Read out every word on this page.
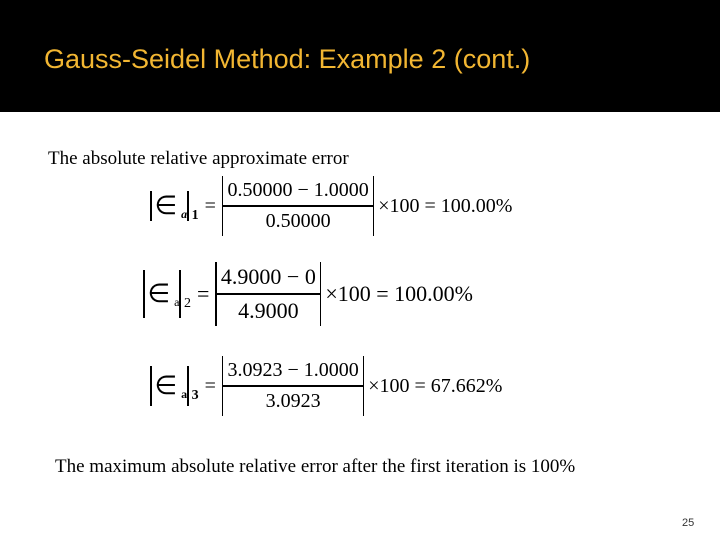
Gauss-Seidel Method: Example 2 (cont.)
The absolute relative approximate error
∈ a $1 = \frac{0.50000 - 1.0000}{0.50000} \times 100 = 100.00\%$
∈ a $2 = \frac{4.9000 - 0}{4.9000} \times 100 = 100.00\%$
∈ a $3 = \frac{3.0923 - 1.0000}{3.0923} \times 100 = 67.662\%$
The maximum absolute relative error after the first iteration is 100%
25
